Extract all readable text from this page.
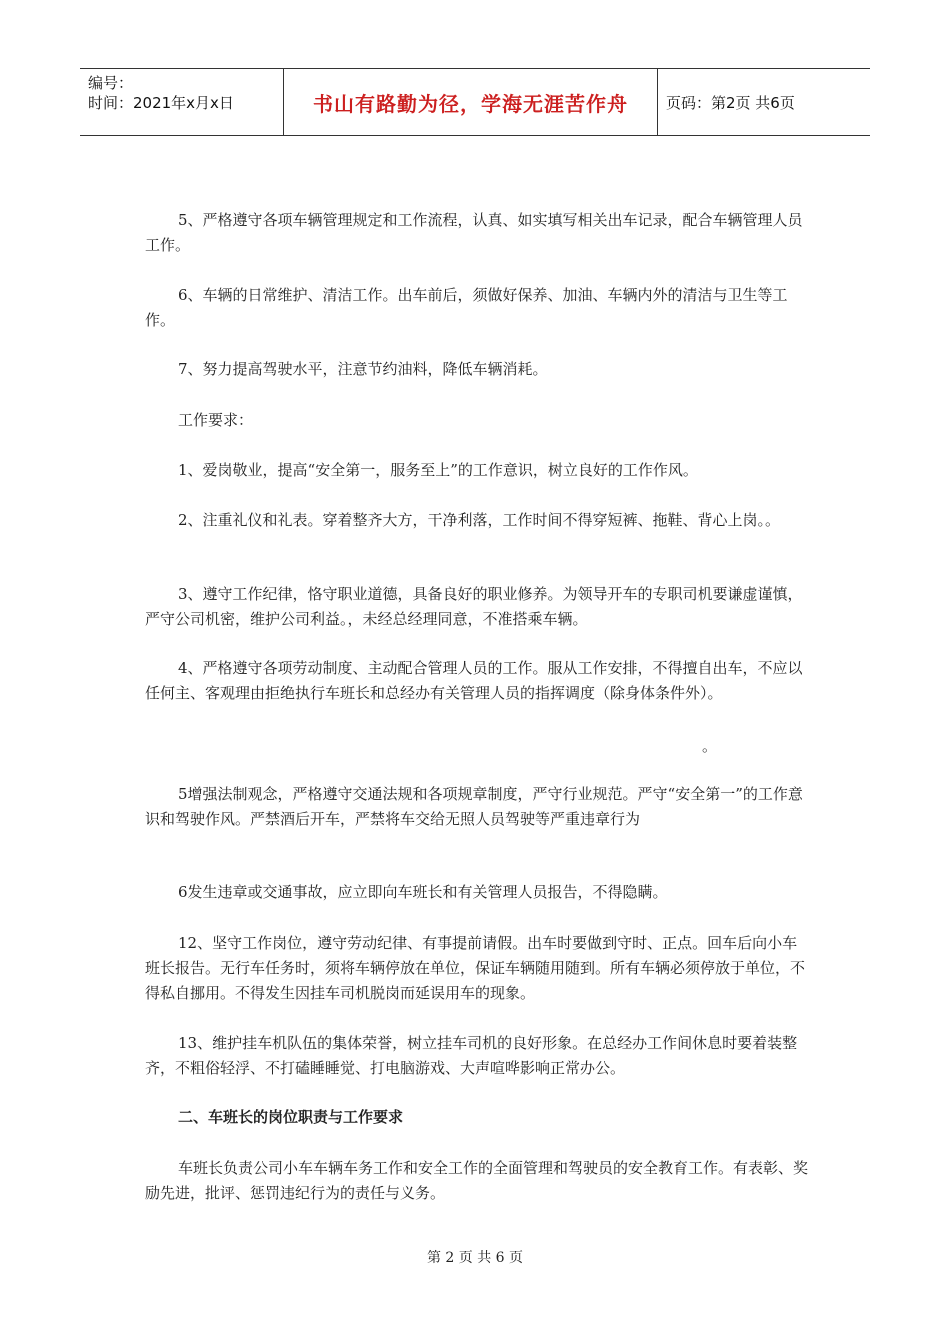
编号：
时间：2021年x月x日	书山有路勤为径，学海无涯苦作舟	页码：第2页 共6页

5、严格遵守各项车辆管理规定和工作流程，认真、如实填写相关出车记录，配合车辆管理人员工作。

6、车辆的日常维护、清洁工作。出车前后，须做好保养、加油、车辆内外的清洁与卫生等工作。

7、努力提高驾驶水平，注意节约油料，降低车辆消耗。

工作要求：

1、爱岗敬业，提高“安全第一，服务至上”的工作意识，树立良好的工作作风。

2、注重礼仪和礼表。穿着整齐大方，干净利落，工作时间不得穿短裤、拖鞋、背心上岗。。

3、遵守工作纪律，恪守职业道德，具备良好的职业修养。为领导开车的专职司机要谦虚谨慎，严守公司机密，维护公司利益。，未经总经理同意，不准搭乘车辆。

4、严格遵守各项劳动制度、主动配合管理人员的工作。服从工作安排，不得擅自出车，不应以任何主、客观理由拒绝执行车班长和总经办有关管理人员的指挥调度（除身体条件外）。

5增强法制观念，严格遵守交通法规和各项规章制度，严守行业规范。严守“安全第一”的工作意识和驾驶作风。严禁酒后开车，严禁将车交给无照人员驾驶等严重违章行为

6发生违章或交通事故，应立即向车班长和有关管理人员报告，不得隐瞒。

12、坚守工作岗位，遵守劳动纪律、有事提前请假。出车时要做到守时、正点。回车后向小车班长报告。无行车任务时，须将车辆停放在单位，保证车辆随用随到。所有车辆必须停放于单位，不得私自挪用。不得发生因挂车司机脱岗而延误用车的现象。

13、维护挂车机队伍的集体荣誉，树立挂车司机的良好形象。在总经办工作间休息时要着装整齐，不粗俗轻浮、不打磕睡睡觉、打电脑游戏、大声喧哗影响正常办公。

二、车班长的岗位职责与工作要求

车班长负责公司小车车辆车务工作和安全工作的全面管理和驾驶员的安全教育工作。有表彰、奖励先进，批评、惩罚违纪行为的责任与义务。

。
第 2 页 共 6 页
